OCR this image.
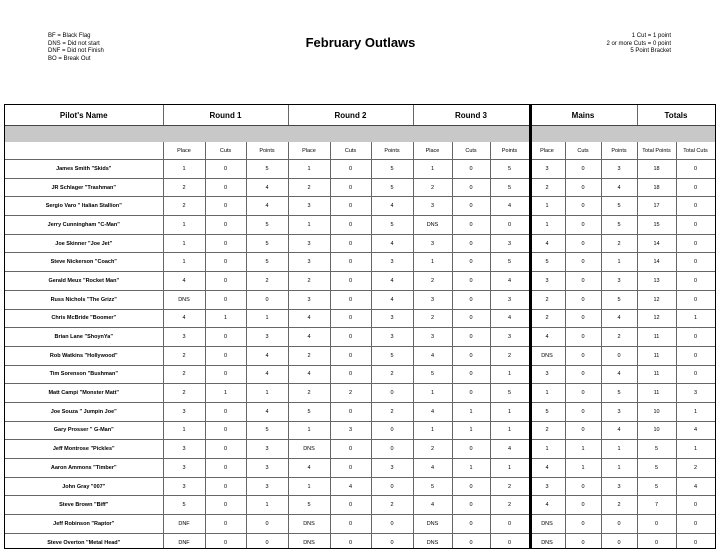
BF = Black Flag
DNS = Did not start
DNF = Did not Finish
BO = Break Out
February Outlaws	1 Cut = 1 point
2 or more Cuts = 0 point
5 Point Bracket
Pilot's Name	Round 1	Round 2	Round 3	Mains	Totals
	Place	Cuts	Points	Place	Cuts	Points	Place	Cuts	Points	Place	Cuts	Points	Total Points	Total Cuts
James Smith "Skids"	1	0	5	1	0	5	1	0	5	3	0	3	18	0
JR Schlager "Trashman"	2	0	4	2	0	5	2	0	5	2	0	4	18	0
Sergio Varo " Italian Stallion"	2	0	4	3	0	4	3	0	4	1	0	5	17	0
Jerry Cunningham "C-Man"	1	0	5	1	0	5	DNS	0	0	1	0	5	15	0
Joe Skinner "Joe Jet"	1	0	5	3	0	4	3	0	3	4	0	2	14	0
Steve Nickerson "Coach"	1	0	5	3	0	3	1	0	5	5	0	1	14	0
Gerald Meux "Rocket Man"	4	0	2	2	0	4	2	0	4	3	0	3	13	0
Russ Nichols "The Grizz"	DNS	0	0	3	0	4	3	0	3	2	0	5	12	0
Chris McBride "Boomer"	4	1	1	4	0	3	2	0	4	2	0	4	12	1
Brian Lane "ShoynYa"	3	0	3	4	0	3	3	0	3	4	0	2	11	0
Rob Watkins "Hollywood"	2	0	4	2	0	5	4	0	2	DNS	0	0	11	0
Tim Sorenson "Bushman"	2	0	4	4	0	2	5	0	1	3	0	4	11	0
Matt Campi "Monster Matt"	2	1	1	2	2	0	1	0	5	1	0	5	11	3
Joe Souza " Jumpin Joe"	3	0	4	5	0	2	4	1	1	5	0	3	10	1
Gary Prosser " G-Man"	1	0	5	1	3	0	1	1	1	2	0	4	10	4
Jeff Montrose "Pickles"	3	0	3	DNS	0	0	2	0	4	1	1	1	5	1
Aaron Ammons "Timber"	3	0	3	4	0	3	4	1	1	4	1	1	5	2
John Gray "007"	3	0	3	1	4	0	5	0	2	3	0	3	5	4
Steve Brown "Biff"	5	0	1	5	0	2	4	0	2	4	0	2	7	0
Jeff Robinson "Raptor"	DNF	0	0	DNS	0	0	DNS	0	0	DNS	0	0	0	0
Steve Overton "Metal Head"	DNF	0	0	DNS	0	0	DNS	0	0	DNS	0	0	0	0
